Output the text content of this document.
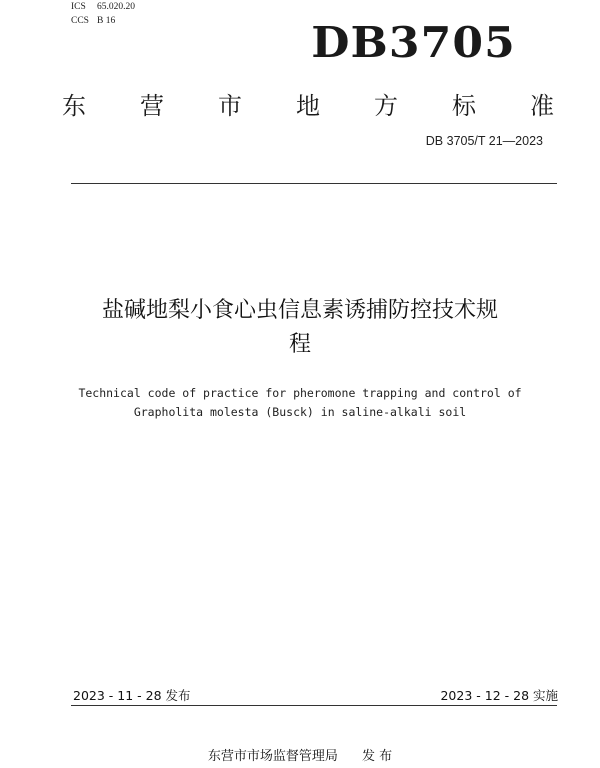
ICS 65.020.20
CCS B 16	DB3705
东 营 市 地 方 标 准
DB 3705/T 21—2023
盐碱地梨小食心虫信息素诱捕防控技术规
程
Technical code of practice for pheromone trapping and control of
Grapholita molesta (Busck) in saline-alkali soil
2023 - 11 - 28 发布	2023 - 12 - 28 实施
东营市市场监督管理局 发 布
